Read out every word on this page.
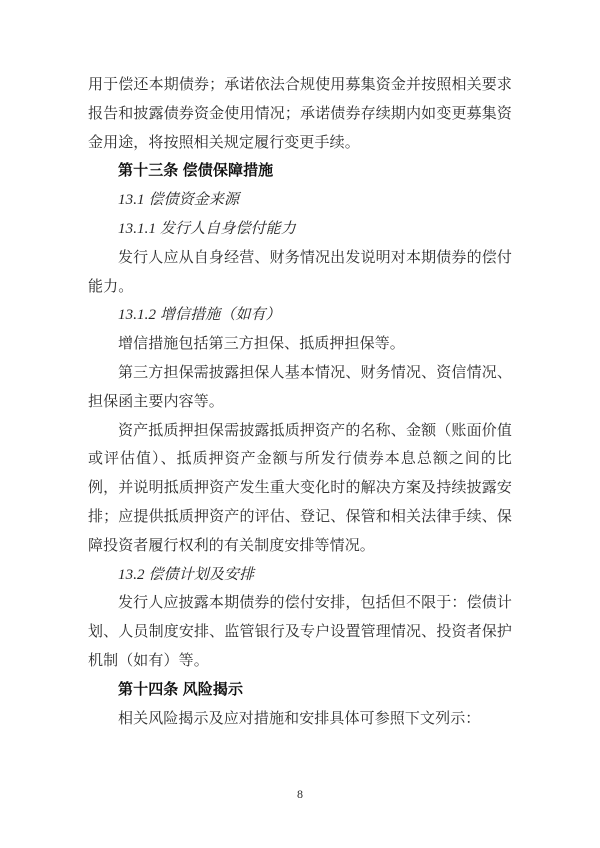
用于偿还本期债券；承诺依法合规使用募集资金并按照相关要求报告和披露债券资金使用情况；承诺债券存续期内如变更募集资金用途，将按照相关规定履行变更手续。

第十三条 偿债保障措施

13.1 偿债资金来源

13.1.1 发行人自身偿付能力

发行人应从自身经营、财务情况出发说明对本期债券的偿付能力。

13.1.2 增信措施（如有）

增信措施包括第三方担保、抵质押担保等。

第三方担保需披露担保人基本情况、财务情况、资信情况、担保函主要内容等。

资产抵质押担保需披露抵质押资产的名称、金额（账面价值或评估值）、抵质押资产金额与所发行债券本息总额之间的比例，并说明抵质押资产发生重大变化时的解决方案及持续披露安排；应提供抵质押资产的评估、登记、保管和相关法律手续、保障投资者履行权利的有关制度安排等情况。

13.2 偿债计划及安排

发行人应披露本期债券的偿付安排，包括但不限于：偿债计划、人员制度安排、监管银行及专户设置管理情况、投资者保护机制（如有）等。

第十四条 风险揭示

相关风险揭示及应对措施和安排具体可参照下文列示：

8
